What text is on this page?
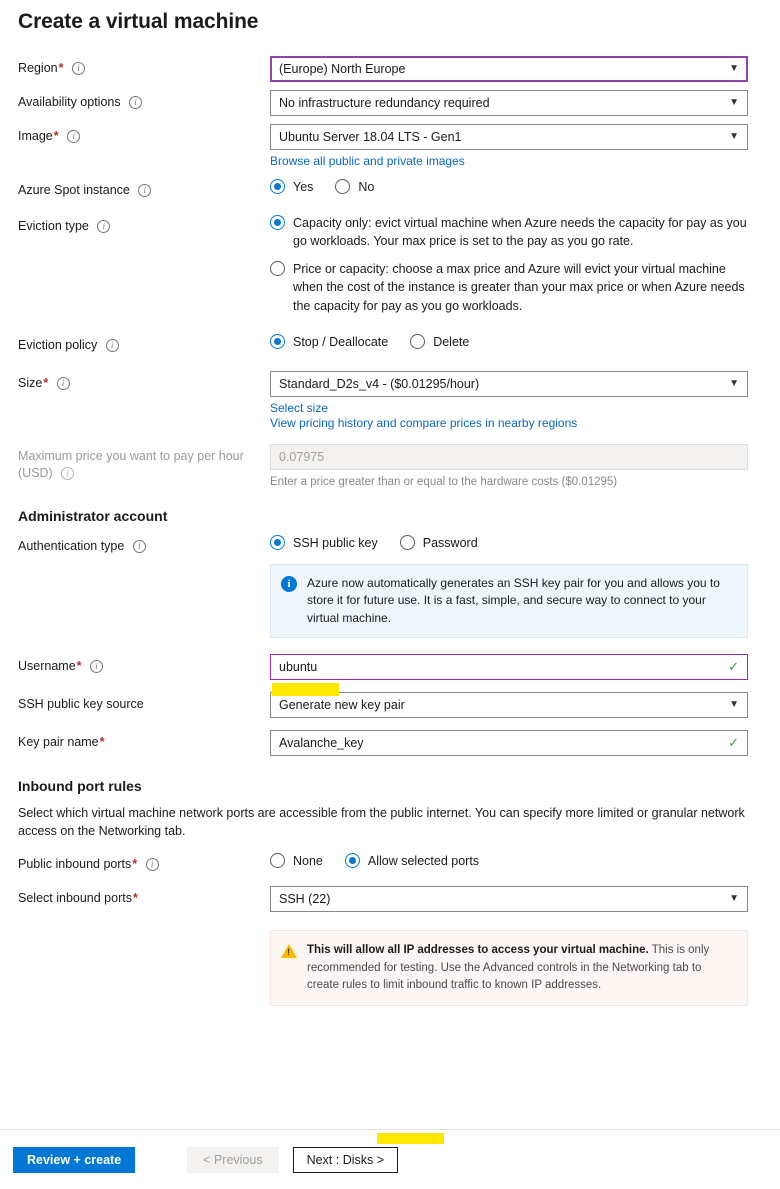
Create a virtual machine
Region* i	(Europe) North Europe	▼
Availability options i	No infrastructure redundancy required	▼
Image* i	Ubuntu Server 18.04 LTS - Gen1	▼
Browse all public and private images
Azure Spot instance i	Yes	No
Eviction type i	Capacity only: evict virtual machine when Azure needs the capacity for pay as you go workloads. Your max price is set to the pay as you go rate.
Price or capacity: choose a max price and Azure will evict your virtual machine when the cost of the instance is greater than your max price or when Azure needs the capacity for pay as you go workloads.
Eviction policy i	Stop / Deallocate	Delete
Size* i	Standard_D2s_v4 - ($0.01295/hour)	▼
Select size
View pricing history and compare prices in nearby regions
Maximum price you want to pay per hour (USD) i
0.07975
Enter a price greater than or equal to the hardware costs ($0.01295)
Administrator account
Authentication type i	SSH public key	Password
i	Azure now automatically generates an SSH key pair for you and allows you to store it for future use. It is a fast, simple, and secure way to connect to your virtual machine.
Username* i	ubuntu	✓
SSH public key source	Generate new key pair	▼
Key pair name*	Avalanche_key	✓
Inbound port rules
Select which virtual machine network ports are accessible from the public internet. You can specify more limited or granular network access on the Networking tab.
Public inbound ports* i	None	Allow selected ports
Select inbound ports*	SSH (22)	▼
!
This will allow all IP addresses to access your virtual machine. This is only recommended for testing. Use the Advanced controls in the Networking tab to create rules to limit inbound traffic to known IP addresses.
Review + create	< Previous	Next : Disks >
